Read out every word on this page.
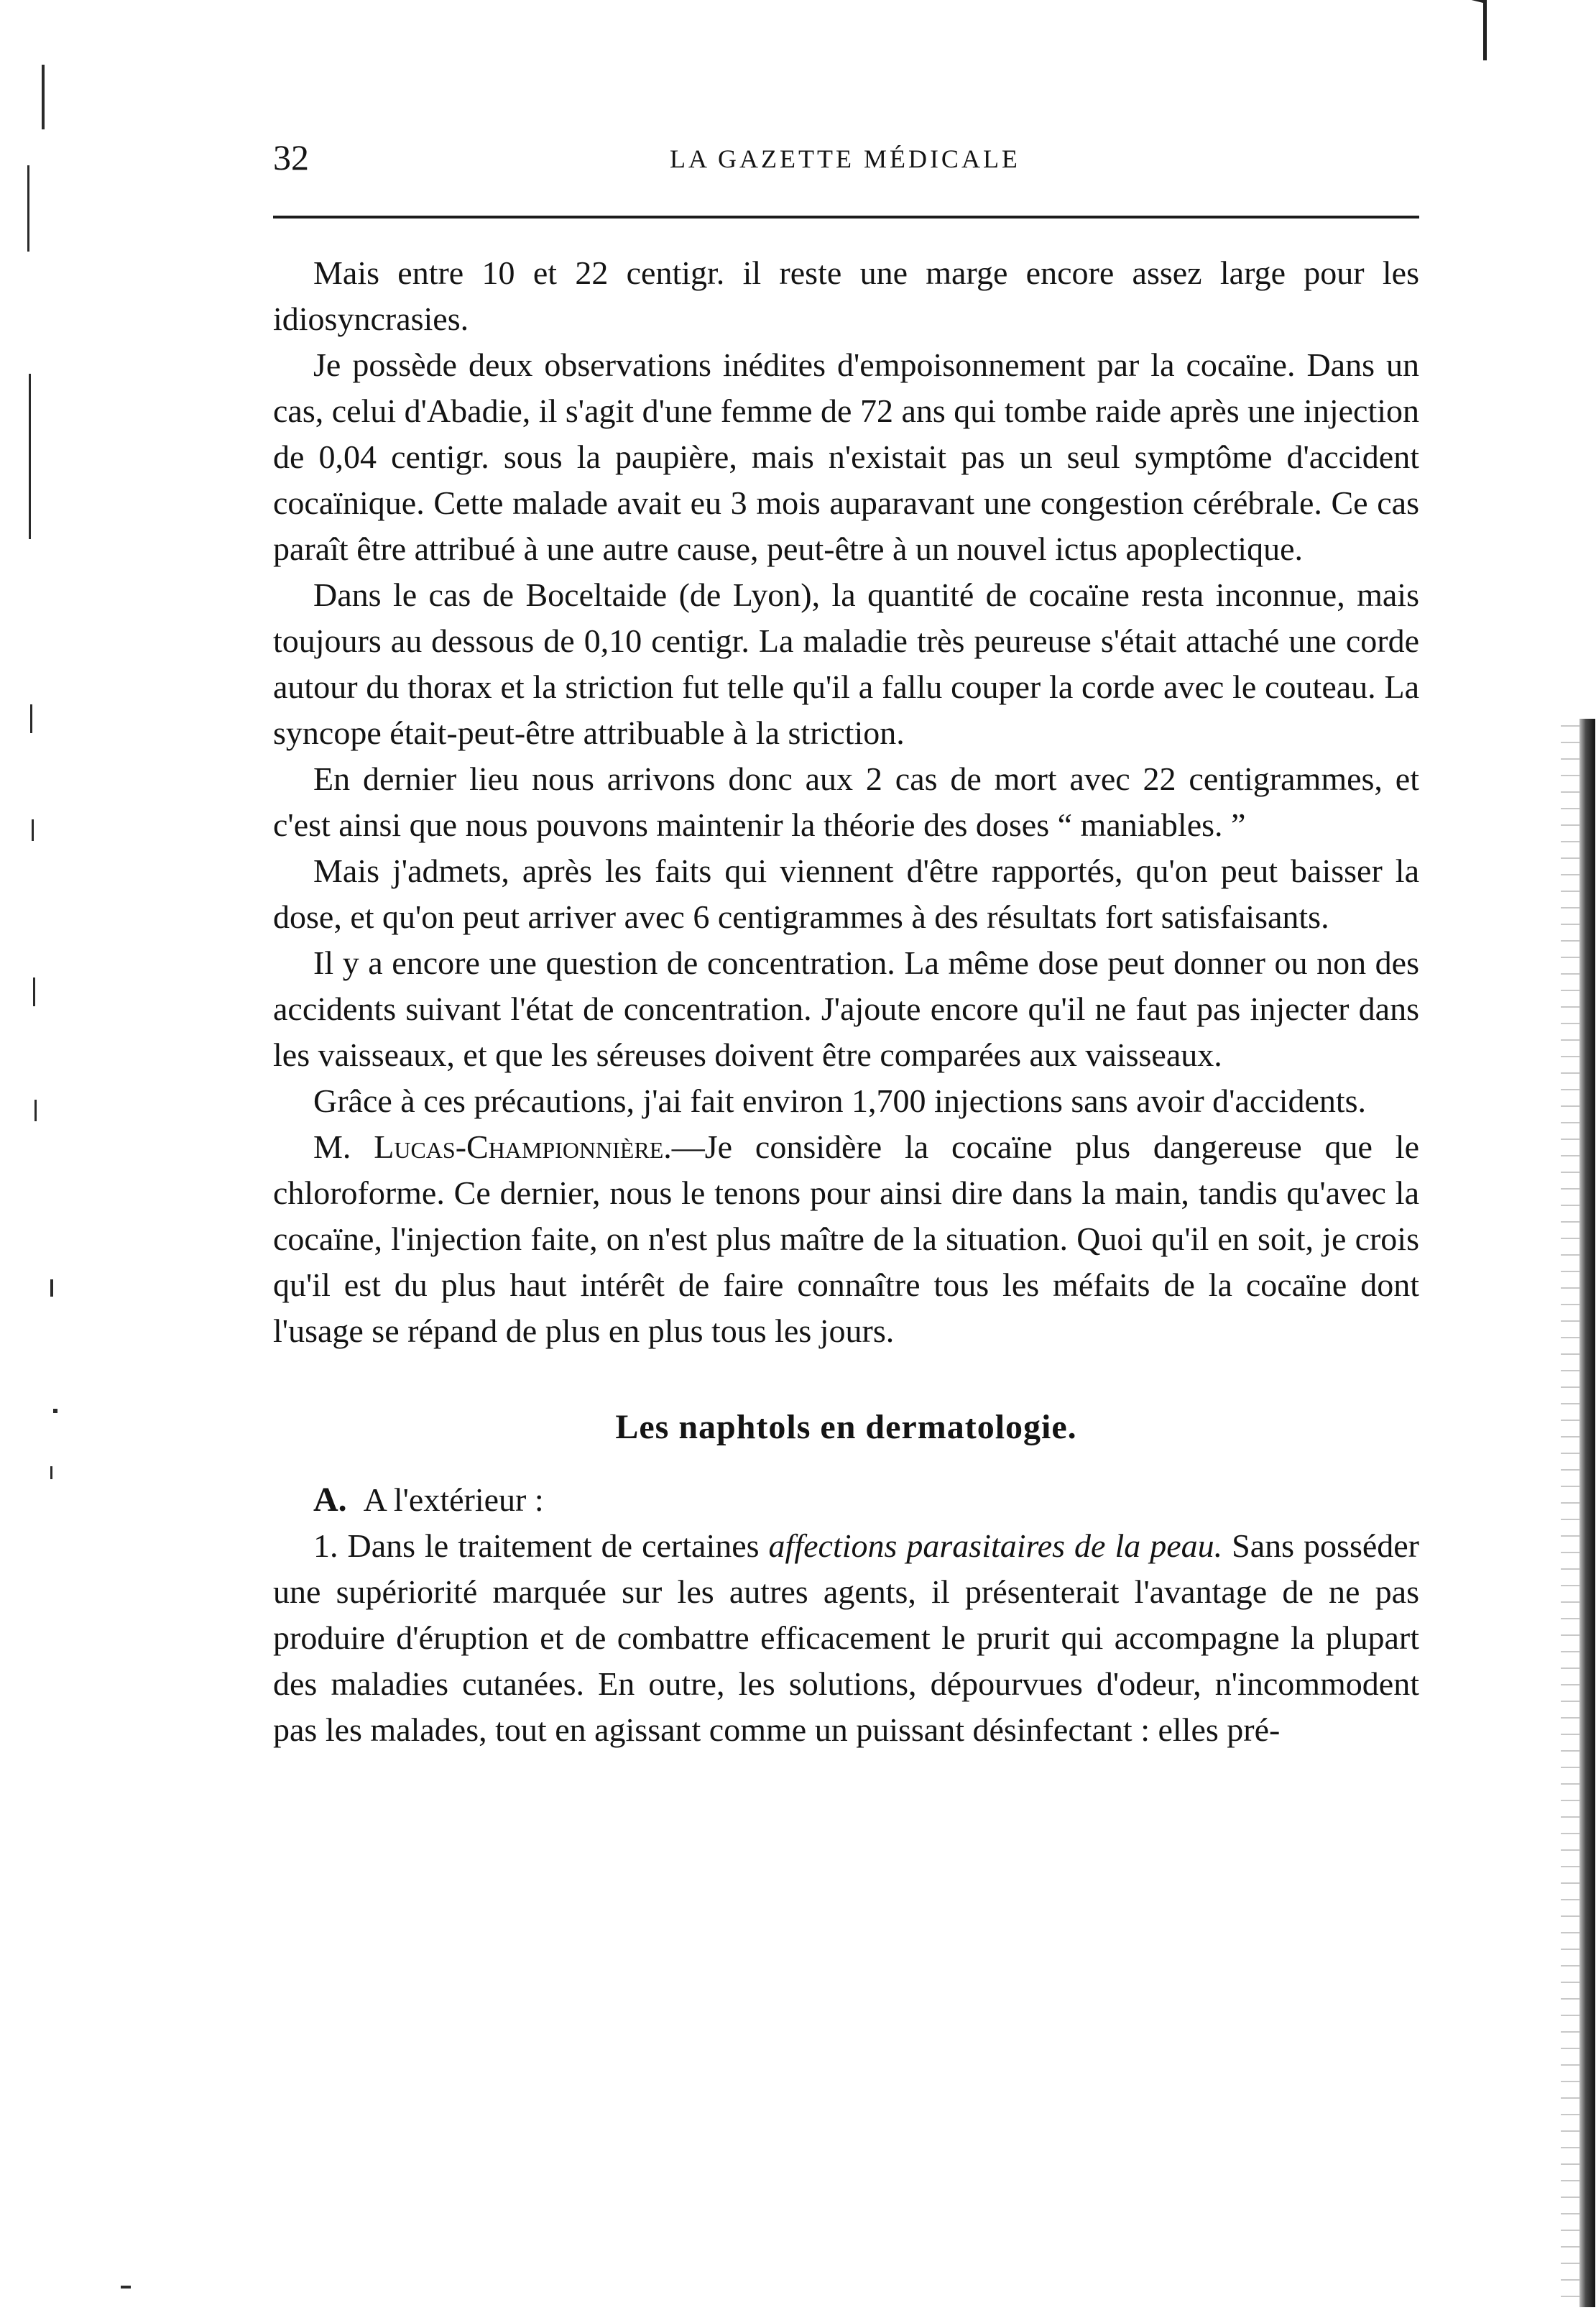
32	LA GAZETTE MÉDICALE

Mais entre 10 et 22 centigr. il reste une marge encore assez large pour les idiosyncrasies.

Je possède deux observations inédites d'empoisonnement par la cocaïne. Dans un cas, celui d'Abadie, il s'agit d'une femme de 72 ans qui tombe raide après une injection de 0,04 centigr. sous la paupière, mais n'existait pas un seul symptôme d'accident cocaïnique. Cette malade avait eu 3 mois auparavant une congestion cérébrale. Ce cas paraît être attribué à une autre cause, peut-être à un nouvel ictus apoplectique.

Dans le cas de Boceltaide (de Lyon), la quantité de cocaïne resta inconnue, mais toujours au dessous de 0,10 centigr. La maladie très peureuse s'était attaché une corde autour du thorax et la striction fut telle qu'il a fallu couper la corde avec le couteau. La syncope était-peut-être attribuable à la striction.

En dernier lieu nous arrivons donc aux 2 cas de mort avec 22 centigrammes, et c'est ainsi que nous pouvons maintenir la théorie des doses “ maniables. ”

Mais j'admets, après les faits qui viennent d'être rapportés, qu'on peut baisser la dose, et qu'on peut arriver avec 6 centigrammes à des résultats fort satisfaisants.

Il y a encore une question de concentration. La même dose peut donner ou non des accidents suivant l'état de concentration. J'ajoute encore qu'il ne faut pas injecter dans les vaisseaux, et que les séreuses doivent être comparées aux vaisseaux.

Grâce à ces précautions, j'ai fait environ 1,700 injections sans avoir d'accidents.

M. Lucas-Championnière.—Je considère la cocaïne plus dangereuse que le chloroforme. Ce dernier, nous le tenons pour ainsi dire dans la main, tandis qu'avec la cocaïne, l'injection faite, on n'est plus maître de la situation. Quoi qu'il en soit, je crois qu'il est du plus haut intérêt de faire connaître tous les méfaits de la cocaïne dont l'usage se répand de plus en plus tous les jours.

Les naphtols en dermatologie.

A. A l'extérieur :

1. Dans le traitement de certaines affections parasitaires de la peau. Sans posséder une supériorité marquée sur les autres agents, il présenterait l'avantage de ne pas produire d'éruption et de combattre efficacement le prurit qui accompagne la plupart des maladies cutanées. En outre, les solutions, dépourvues d'odeur, n'incommodent pas les malades, tout en agissant comme un puissant désinfectant : elles pré-
